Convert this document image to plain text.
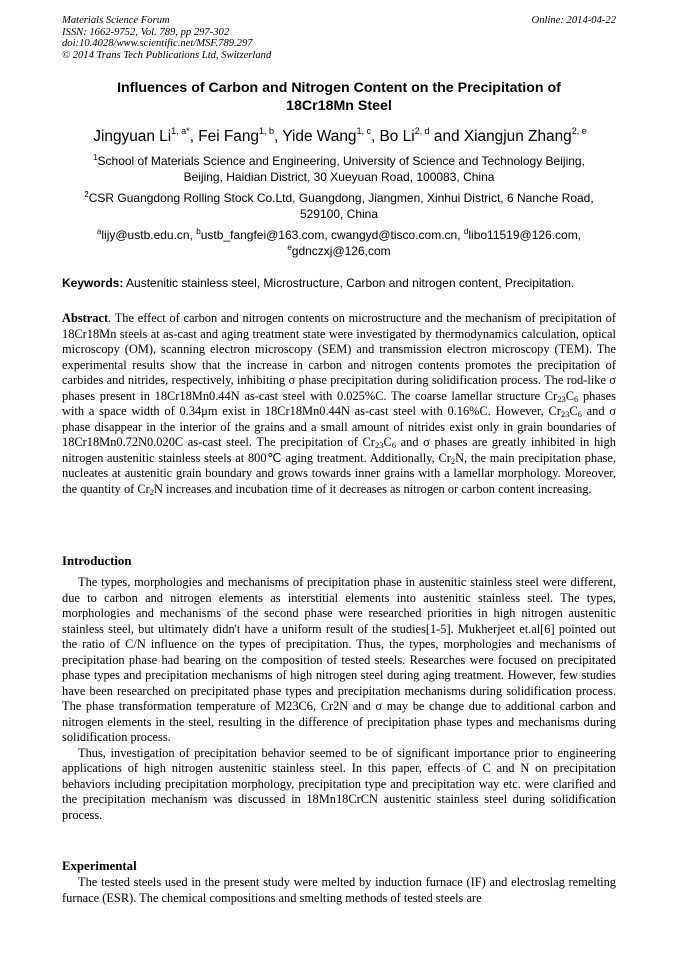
Materials Science Forum
ISSN: 1662-9752, Vol. 789, pp 297-302
doi:10.4028/www.scientific.net/MSF.789.297
© 2014 Trans Tech Publications Ltd, Switzerland
Online: 2014-04-22
Influences of Carbon and Nitrogen Content on the Precipitation of
18Cr18Mn Steel
Jingyuan $Li^{1, a*}$, Fei Fang$^{1, b}$, Yide Wang$^{1, c}$, Bo Li$^{2, d}$ and Xiangjun Zhang$^{2, e}$
$^1$School of Materials Science and Engineering, University of Science and Technology Beijing,
Beijing, Haidian District, 30 Xueyuan Road, 100083, China
$^2$CSR Guangdong Rolling Stock Co.Ltd, Guangdong, Jiangmen, Xinhui District, 6 Nanche Road,
529100, China
$^a$lijy@ustb.edu.cn, $^b$ustb_fangfei@163.com, cwangyd@tisco.com.cn, $^d$libo11519@126.com,
$^e$gdnczxj@126,com
Keywords: Austenitic stainless steel, Microstructure, Carbon and nitrogen content, Precipitation.

Abstract. The effect of carbon and nitrogen contents on microstructure and the mechanism of precipitation of 18Cr18Mn steels at as-cast and aging treatment state were investigated by thermodynamics calculation, optical microscopy (OM), scanning electron microscopy (SEM) and transmission electron microscopy (TEM). The experimental results show that the increase in carbon and nitrogen contents promotes the precipitation of carbides and nitrides, respectively, inhibiting σ phase precipitation during solidification process. The rod-like σ phases present in 18Cr18Mn0.44N as-cast steel with 0.025%C. The coarse lamellar structure $Cr_{23}C_6$ phases with a space width of 0.34μm exist in 18Cr18Mn0.44N as-cast steel with 0.16%C. However, $Cr_{23}C_6$ and σ phase disappear in the interior of the grains and a small amount of nitrides exist only in grain boundaries of 18Cr18Mn0.72N0.020C as-cast steel. The precipitation of $Cr_{23}C_6$ and σ phases are greatly inhibited in high nitrogen austenitic stainless steels at 800℃ aging treatment. Additionally, $Cr_2N$, the main precipitation phase, nucleates at austenitic grain boundary and grows towards inner grains with a lamellar morphology. Moreover, the quantity of $Cr_2N$ increases and incubation time of it decreases as nitrogen or carbon content increasing.

Introduction

The types, morphologies and mechanisms of precipitation phase in austenitic stainless steel were different, due to carbon and nitrogen elements as interstitial elements into austenitic stainless steel. The types, morphologies and mechanisms of the second phase were researched priorities in high nitrogen austenitic stainless steel, but ultimately didn't have a uniform result of the studies[1-5]. Mukherjeet et.al[6] pointed out the ratio of C/N influence on the types of precipitation. Thus, the types, morphologies and mechanisms of precipitation phase had bearing on the composition of tested steels. Researches were focused on precipitated phase types and precipitation mechanisms of high nitrogen steel during aging treatment. However, few studies have been researched on precipitated phase types and precipitation mechanisms during solidification process. The phase transformation temperature of M23C6, Cr2N and σ may be change due to additional carbon and nitrogen elements in the steel, resulting in the difference of precipitation phase types and mechanisms during solidification process.

Thus, investigation of precipitation behavior seemed to be of significant importance prior to engineering applications of high nitrogen austenitic stainless steel. In this paper, effects of C and N on precipitation behaviors including precipitation morphology, precipitation type and precipitation way etc. were clarified and the precipitation mechanism was discussed in 18Mn18CrCN austenitic stainless steel during solidification process.

Experimental

The tested steels used in the present study were melted by induction furnace (IF) and electroslag remelting furnace (ESR). The chemical compositions and smelting methods of tested steels are
